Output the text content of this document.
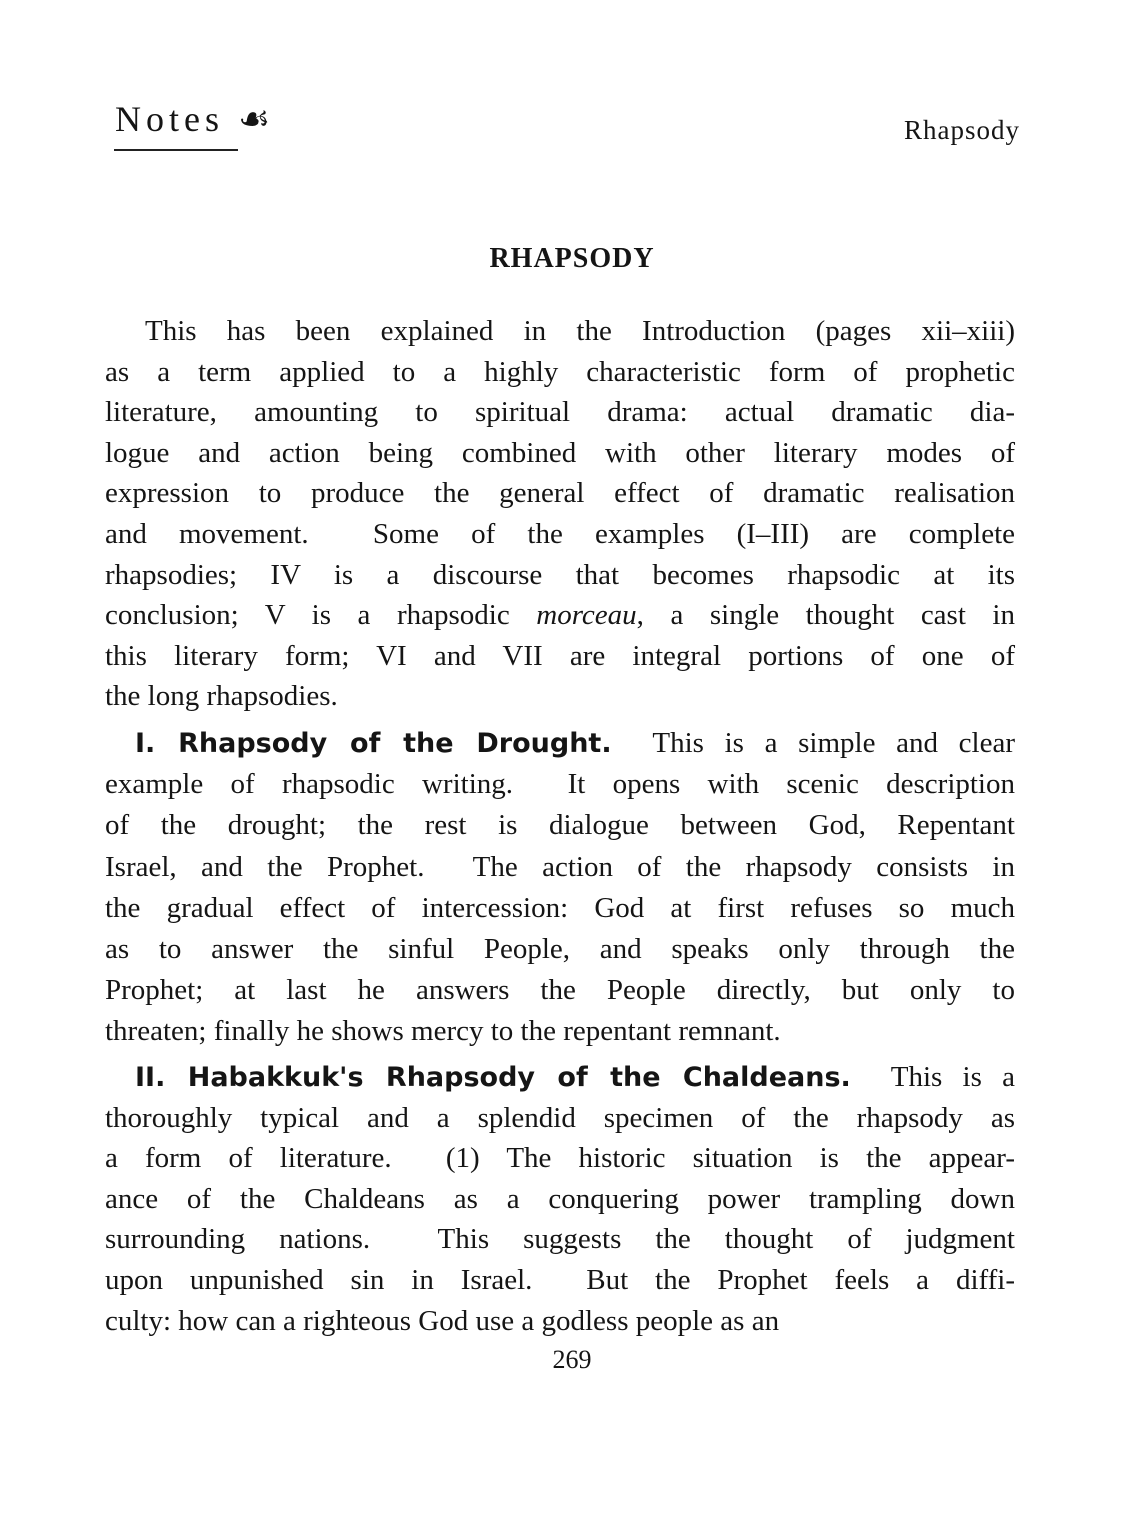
Notes ☙	Rhapsody
RHAPSODY
This has been explained in the Introduction (pages xii–xiii)
as a term applied to a highly characteristic form of prophetic
literature, amounting to spiritual drama: actual dramatic dia-
logue and action being combined with other literary modes of
expression to produce the general effect of dramatic realisation
and movement.  Some of the examples (I–III) are complete
rhapsodies; IV is a discourse that becomes rhapsodic at its
conclusion; V is a rhapsodic morceau, a single thought cast in
this literary form; VI and VII are integral portions of one of
the long rhapsodies.
I. Rhapsody of the Drought.  This is a simple and clear
example of rhapsodic writing.  It opens with scenic description
of the drought; the rest is dialogue between God, Repentant
Israel, and the Prophet.  The action of the rhapsody consists in
the gradual effect of intercession: God at first refuses so much
as to answer the sinful People, and speaks only through the
Prophet; at last he answers the People directly, but only to
threaten; finally he shows mercy to the repentant remnant.
II. Habakkuk's Rhapsody of the Chaldeans.  This is a
thoroughly typical and a splendid specimen of the rhapsody as
a form of literature.  (1) The historic situation is the appear-
ance of the Chaldeans as a conquering power trampling down
surrounding nations.  This suggests the thought of judgment
upon unpunished sin in Israel.  But the Prophet feels a diffi-
culty: how can a righteous God use a godless people as an
269
